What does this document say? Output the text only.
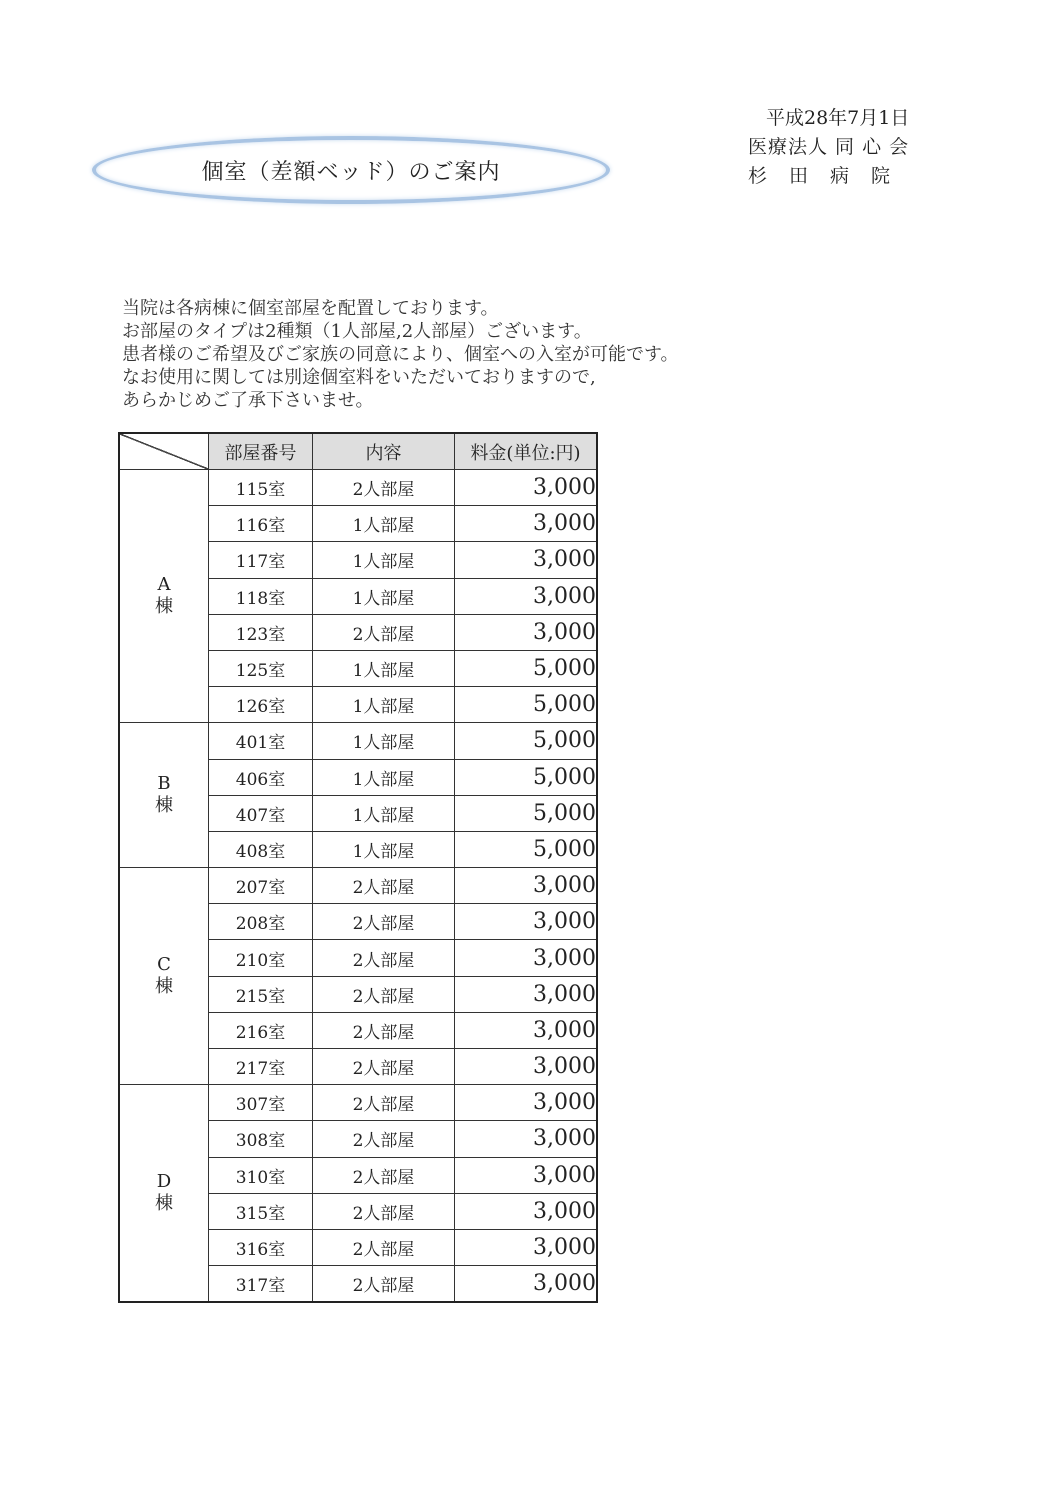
平成28年7月1日
医療法人 同 心 会
杉田病院
個室（差額ベッド）のご案内

当院は各病棟に個室部屋を配置しております。

お部屋のタイプは2種類（1人部屋,2人部屋）ございます。

患者様のご希望及びご家族の同意により、個室への入室が可能です。

なお使用に関しては別途個室料をいただいておりますので,

あらかじめご了承下さいませ。

	部屋番号	内容	料金(単位:円)

A
棟	115室	2人部屋	3,000
	116室	1人部屋	3,000
	117室	1人部屋	3,000
	118室	1人部屋	3,000
	123室	2人部屋	3,000
	125室	1人部屋	5,000
	126室	1人部屋	5,000

B
棟	401室	1人部屋	5,000
	406室	1人部屋	5,000
	407室	1人部屋	5,000
	408室	1人部屋	5,000

C
棟	207室	2人部屋	3,000
	208室	2人部屋	3,000
	210室	2人部屋	3,000
	215室	2人部屋	3,000
	216室	2人部屋	3,000
	217室	2人部屋	3,000

D
棟	307室	2人部屋	3,000
	308室	2人部屋	3,000
	310室	2人部屋	3,000
	315室	2人部屋	3,000
	316室	2人部屋	3,000
	317室	2人部屋	3,000
